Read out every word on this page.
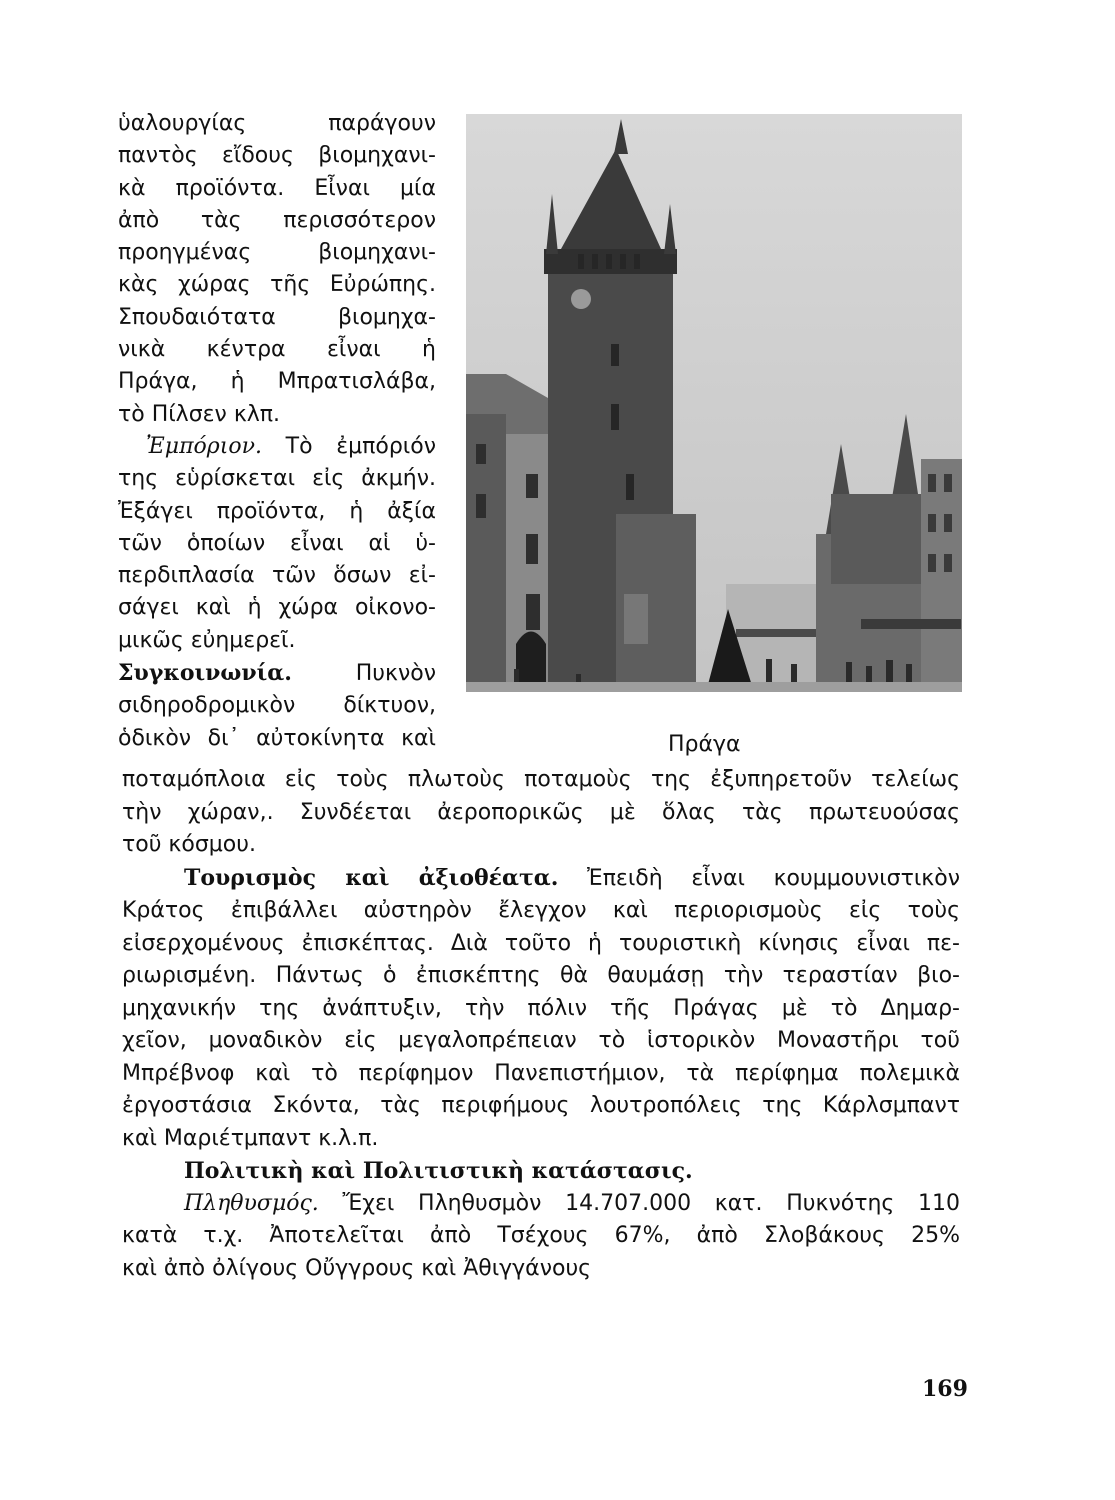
ὑαλουργίας παράγουν
παντὸς εἴδους βιομηχανι-
κὰ προϊόντα. Εἶναι μία
ἀπὸ τὰς περισσότερον
προηγμένας βιομηχανι-
κὰς χώρας τῆς Εὐρώπης.
Σπουδαιότατα βιομηχα-
νικὰ κέντρα εἶναι ἡ
Πράγα, ἡ Μπρατισλάβα,
τὸ Πίλσεν κλπ.
Ἐμπόριον. Τὸ ἐμπόριόν
της εὑρίσκεται εἰς ἀκμήν.
Ἐξάγει προϊόντα, ἡ ἀξία
τῶν ὁποίων εἶναι αἱ ὑ-
περδιπλασία τῶν ὅσων εἰ-
σάγει καὶ ἡ χώρα οἰκονο-
μικῶς εὐημερεῖ.
Συγκοινωνία.	Πυκνὸν
σιδηροδρομικὸν δίκτυον,
ὁδικὸν δι᾽ αὐτοκίνητα καὶ	Πράγα
ποταμόπλοια εἰς τοὺς πλωτοὺς ποταμοὺς της ἐξυπηρετοῦν τελείως
τὴν χώραν,. Συνδέεται ἀεροπορικῶς μὲ ὅλας τὰς πρωτευούσας
τοῦ κόσμου.
Τουρισμὸς καὶ ἀξιοθέατα. Ἐπειδὴ εἶναι κουμμουνιστικὸν
Κράτος ἐπιβάλλει αὐστηρὸν ἔλεγχον καὶ περιορισμοὺς εἰς τοὺς
εἰσερχομένους ἐπισκέπτας. Διὰ τοῦτο ἡ τουριστικὴ κίνησις εἶναι πε-
ριωρισμένη. Πάντως ὁ ἐπισκέπτης θὰ θαυμάσῃ τὴν τεραστίαν βιο-
μηχανικήν της ἀνάπτυξιν, τὴν πόλιν τῆς Πράγας μὲ τὸ Δημαρ-
χεῖον, μοναδικὸν εἰς μεγαλοπρέπειαν τὸ ἱστορικὸν Μοναστῆρι τοῦ
Μπρέβνοφ καὶ τὸ περίφημον Πανεπιστήμιον, τὰ περίφημα πολεμικὰ
ἐργοστάσια Σκόντα, τὰς περιφήμους λουτροπόλεις της Κάρλσμπαντ
καὶ Μαριέτμπαντ κ.λ.π.
Πολιτικὴ καὶ Πολιτιστικὴ κατάστασις.
Πληθυσμός. Ἔχει Πληθυσμὸν 14.707.000 κατ. Πυκνότης 110
κατὰ τ.χ. Ἀποτελεῖται ἀπὸ Τσέχους 67%, ἀπὸ Σλοβάκους 25%
καὶ ἀπὸ ὀλίγους Οὔγγρους καὶ Ἀθιγγάνους
169
